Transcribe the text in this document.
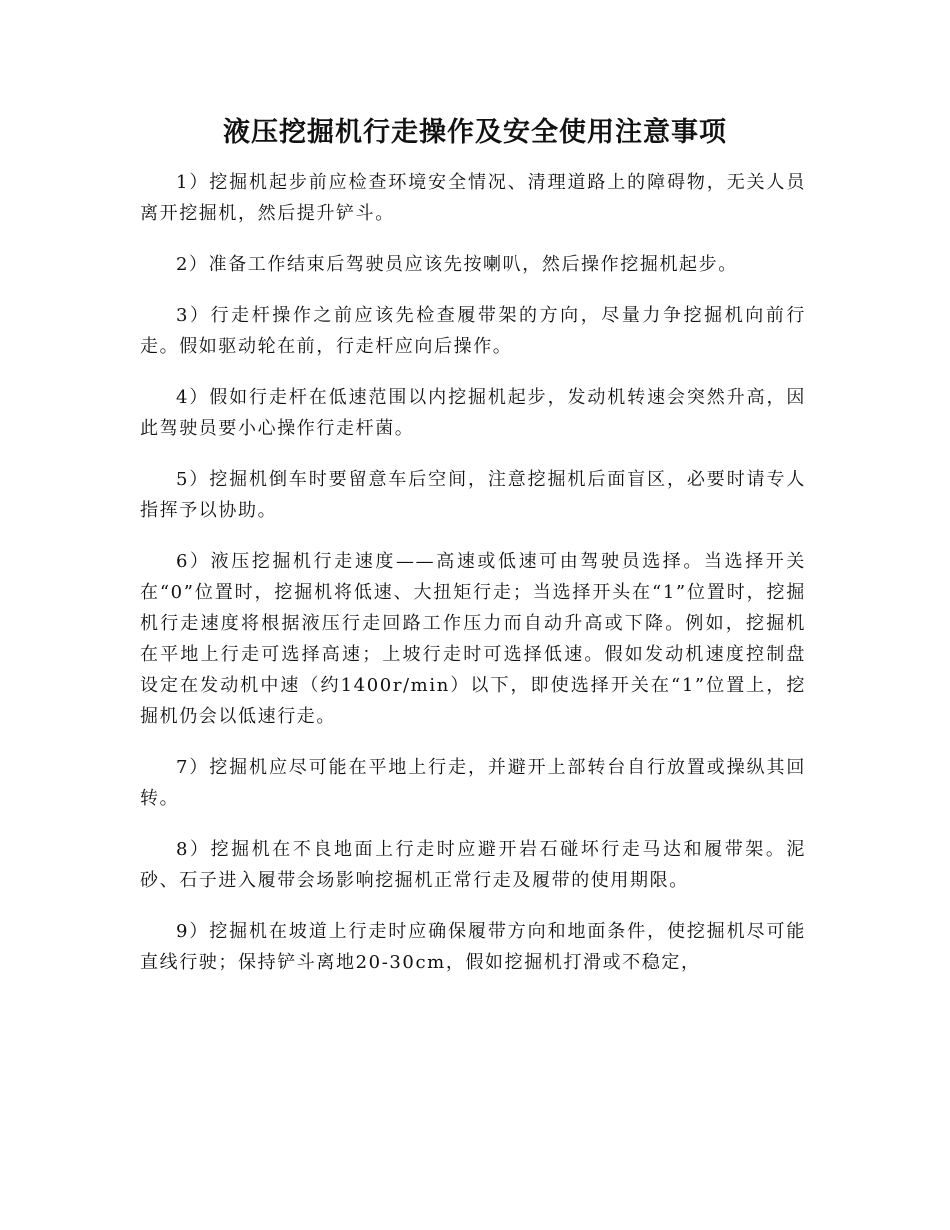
液压挖掘机行走操作及安全使用注意事项

1）挖掘机起步前应检查环境安全情况、清理道路上的障碍物，无关人员离开挖掘机，然后提升铲斗。

2）准备工作结束后驾驶员应该先按喇叭，然后操作挖掘机起步。

3）行走杆操作之前应该先检查履带架的方向，尽量力争挖掘机向前行走。假如驱动轮在前，行走杆应向后操作。

4）假如行走杆在低速范围以内挖掘机起步，发动机转速会突然升高，因此驾驶员要小心操作行走杆菌。

5）挖掘机倒车时要留意车后空间，注意挖掘机后面盲区，必要时请专人指挥予以协助。

6）液压挖掘机行走速度——高速或低速可由驾驶员选择。当选择开关在“0”位置时，挖掘机将低速、大扭矩行走；当选择开头在“1”位置时，挖掘机行走速度将根据液压行走回路工作压力而自动升高或下降。例如，挖掘机在平地上行走可选择高速；上坡行走时可选择低速。假如发动机速度控制盘设定在发动机中速（约1400r/min）以下，即使选择开关在“1”位置上，挖掘机仍会以低速行走。

7）挖掘机应尽可能在平地上行走，并避开上部转台自行放置或操纵其回转。

8）挖掘机在不良地面上行走时应避开岩石碰坏行走马达和履带架。泥砂、石子进入履带会场影响挖掘机正常行走及履带的使用期限。

9）挖掘机在坡道上行走时应确保履带方向和地面条件，使挖掘机尽可能直线行驶；保持铲斗离地20-30cm，假如挖掘机打滑或不稳定，
